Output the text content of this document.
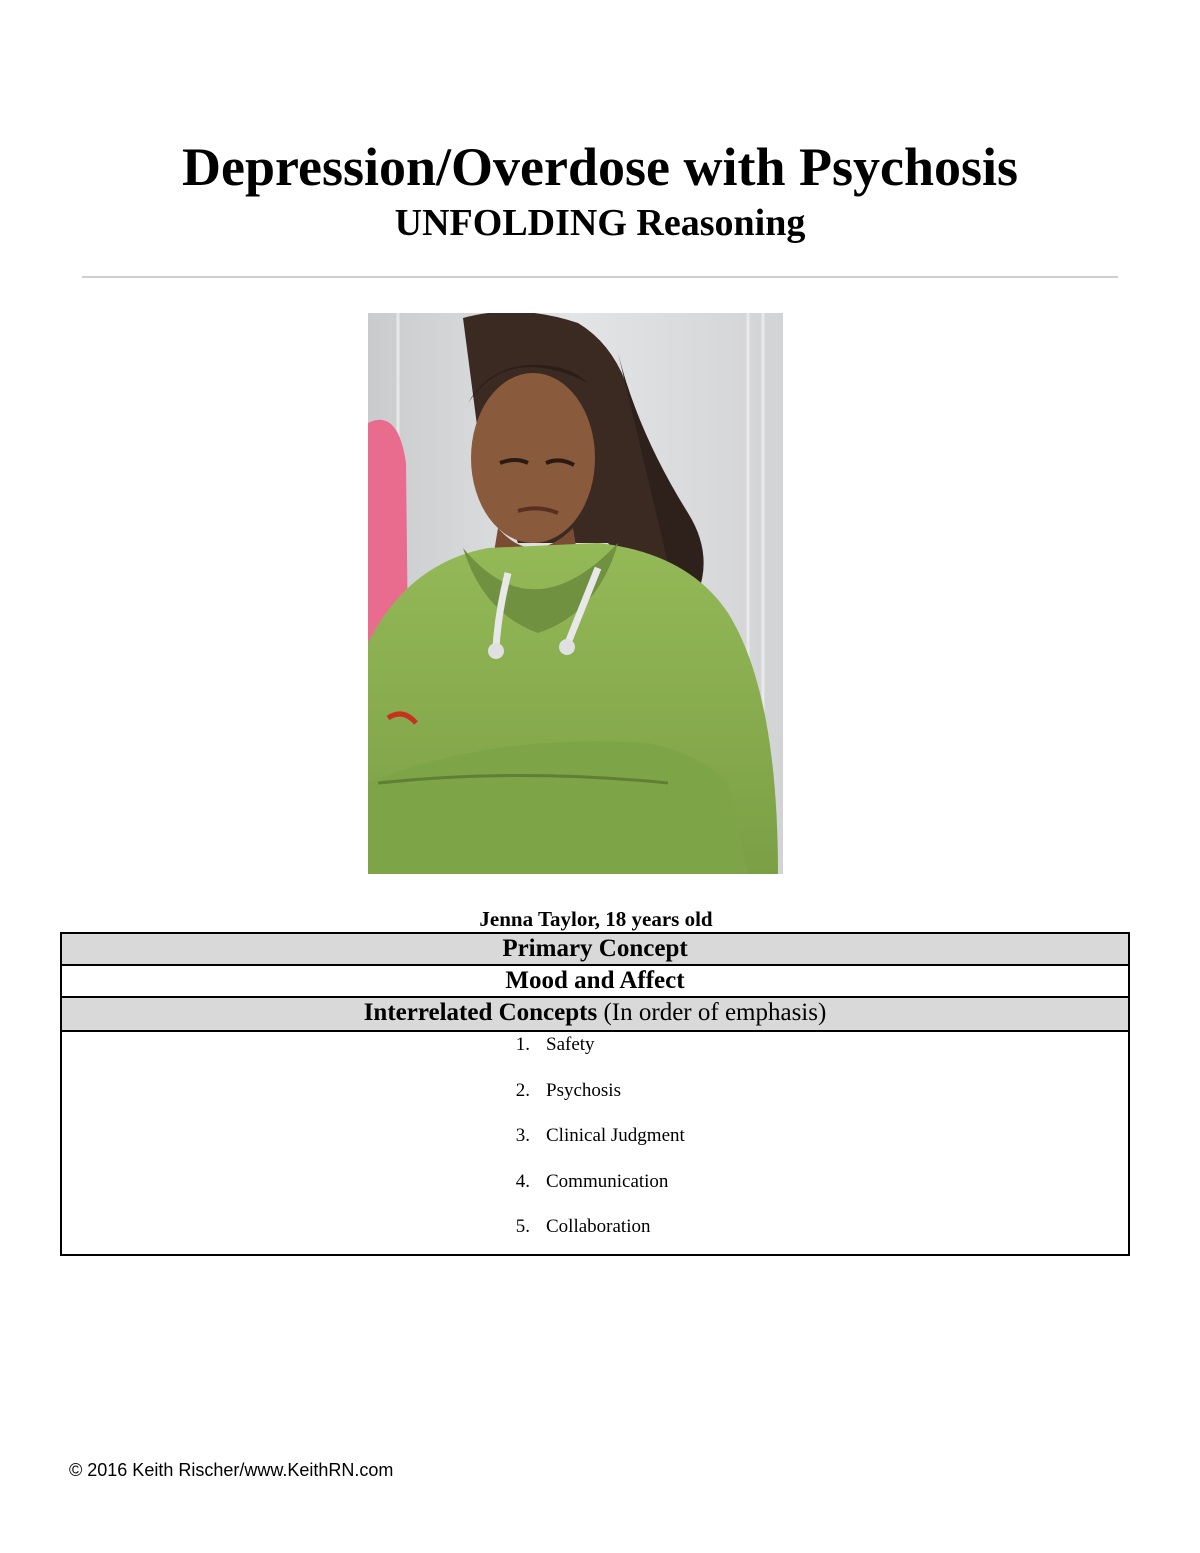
Depression/Overdose with Psychosis
UNFOLDING Reasoning
Jenna Taylor, 18 years old
Primary Concept
Mood and Affect
Interrelated Concepts (In order of emphasis)
1. Safety
2. Psychosis
3. Clinical Judgment
4. Communication
5. Collaboration
© 2016 Keith Rischer/www.KeithRN.com
